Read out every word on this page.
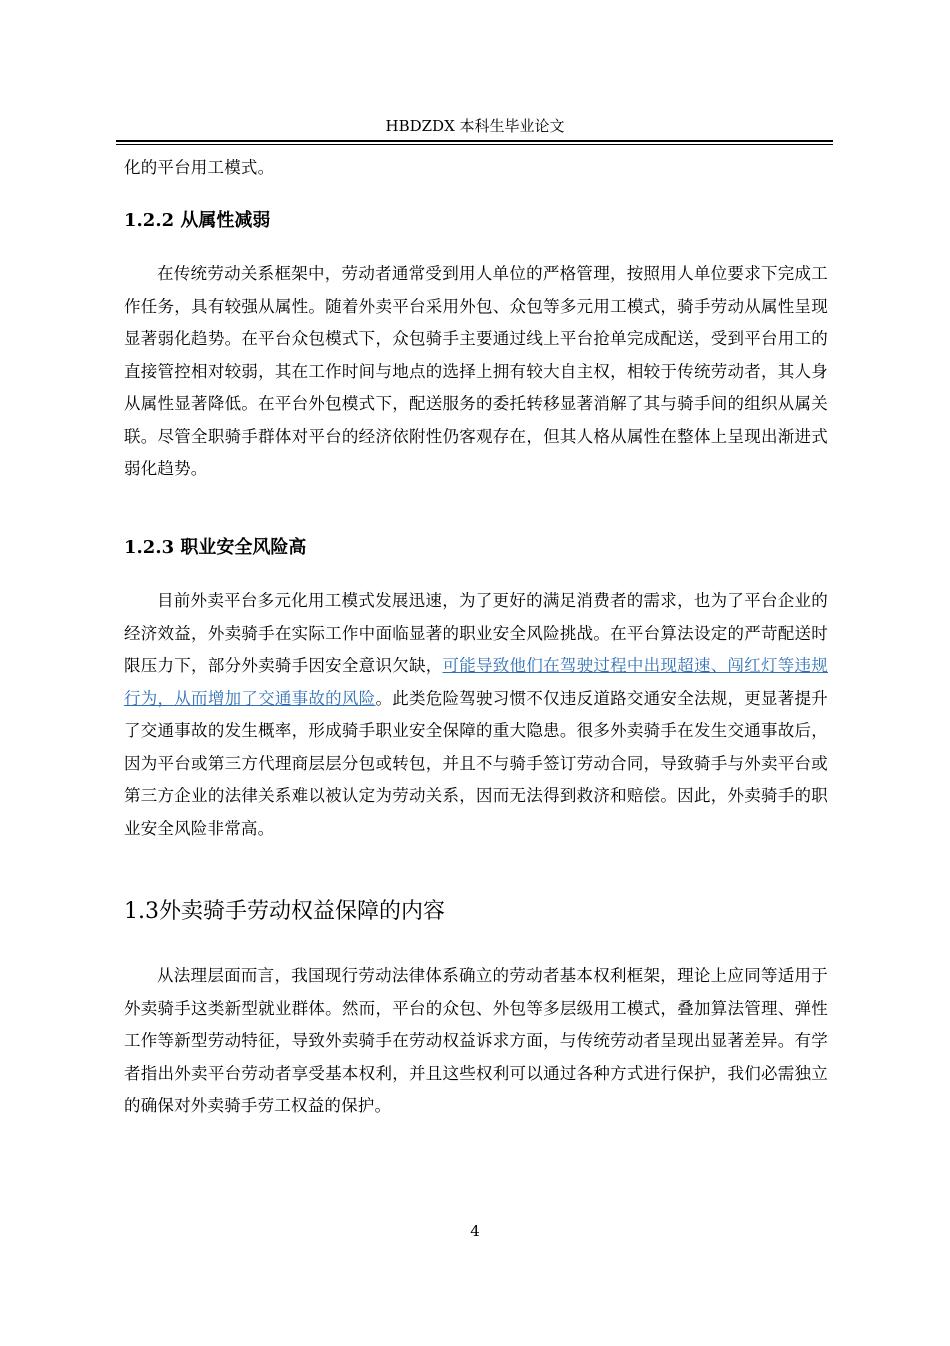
HBDZDX 本科生毕业论文

化的平台用工模式。

1.2.2 从属性减弱

在传统劳动关系框架中，劳动者通常受到用人单位的严格管理，按照用人单位要求下完成工作任务，具有较强从属性。随着外卖平台采用外包、众包等多元用工模式，骑手劳动从属性呈现显著弱化趋势。在平台众包模式下，众包骑手主要通过线上平台抢单完成配送，受到平台用工的直接管控相对较弱，其在工作时间与地点的选择上拥有较大自主权，相较于传统劳动者，其人身从属性显著降低。在平台外包模式下，配送服务的委托转移显著消解了其与骑手间的组织从属关联。尽管全职骑手群体对平台的经济依附性仍客观存在，但其人格从属性在整体上呈现出渐进式弱化趋势。

1.2.3 职业安全风险高

目前外卖平台多元化用工模式发展迅速，为了更好的满足消费者的需求，也为了平台企业的经济效益，外卖骑手在实际工作中面临显著的职业安全风险挑战。在平台算法设定的严苛配送时限压力下，部分外卖骑手因安全意识欠缺，可能导致他们在驾驶过程中出现超速、闯红灯等违规行为，从而增加了交通事故的风险。此类危险驾驶习惯不仅违反道路交通安全法规，更显著提升了交通事故的发生概率，形成骑手职业安全保障的重大隐患。很多外卖骑手在发生交通事故后，因为平台或第三方代理商层层分包或转包，并且不与骑手签订劳动合同，导致骑手与外卖平台或第三方企业的法律关系难以被认定为劳动关系，因而无法得到救济和赔偿。因此，外卖骑手的职业安全风险非常高。

1.3外卖骑手劳动权益保障的内容

从法理层面而言，我国现行劳动法律体系确立的劳动者基本权利框架，理论上应同等适用于外卖骑手这类新型就业群体。然而，平台的众包、外包等多层级用工模式，叠加算法管理、弹性工作等新型劳动特征，导致外卖骑手在劳动权益诉求方面，与传统劳动者呈现出显著差异。有学者指出外卖平台劳动者享受基本权利，并且这些权利可以通过各种方式进行保护，我们必需独立的确保对外卖骑手劳工权益的保护。

4
